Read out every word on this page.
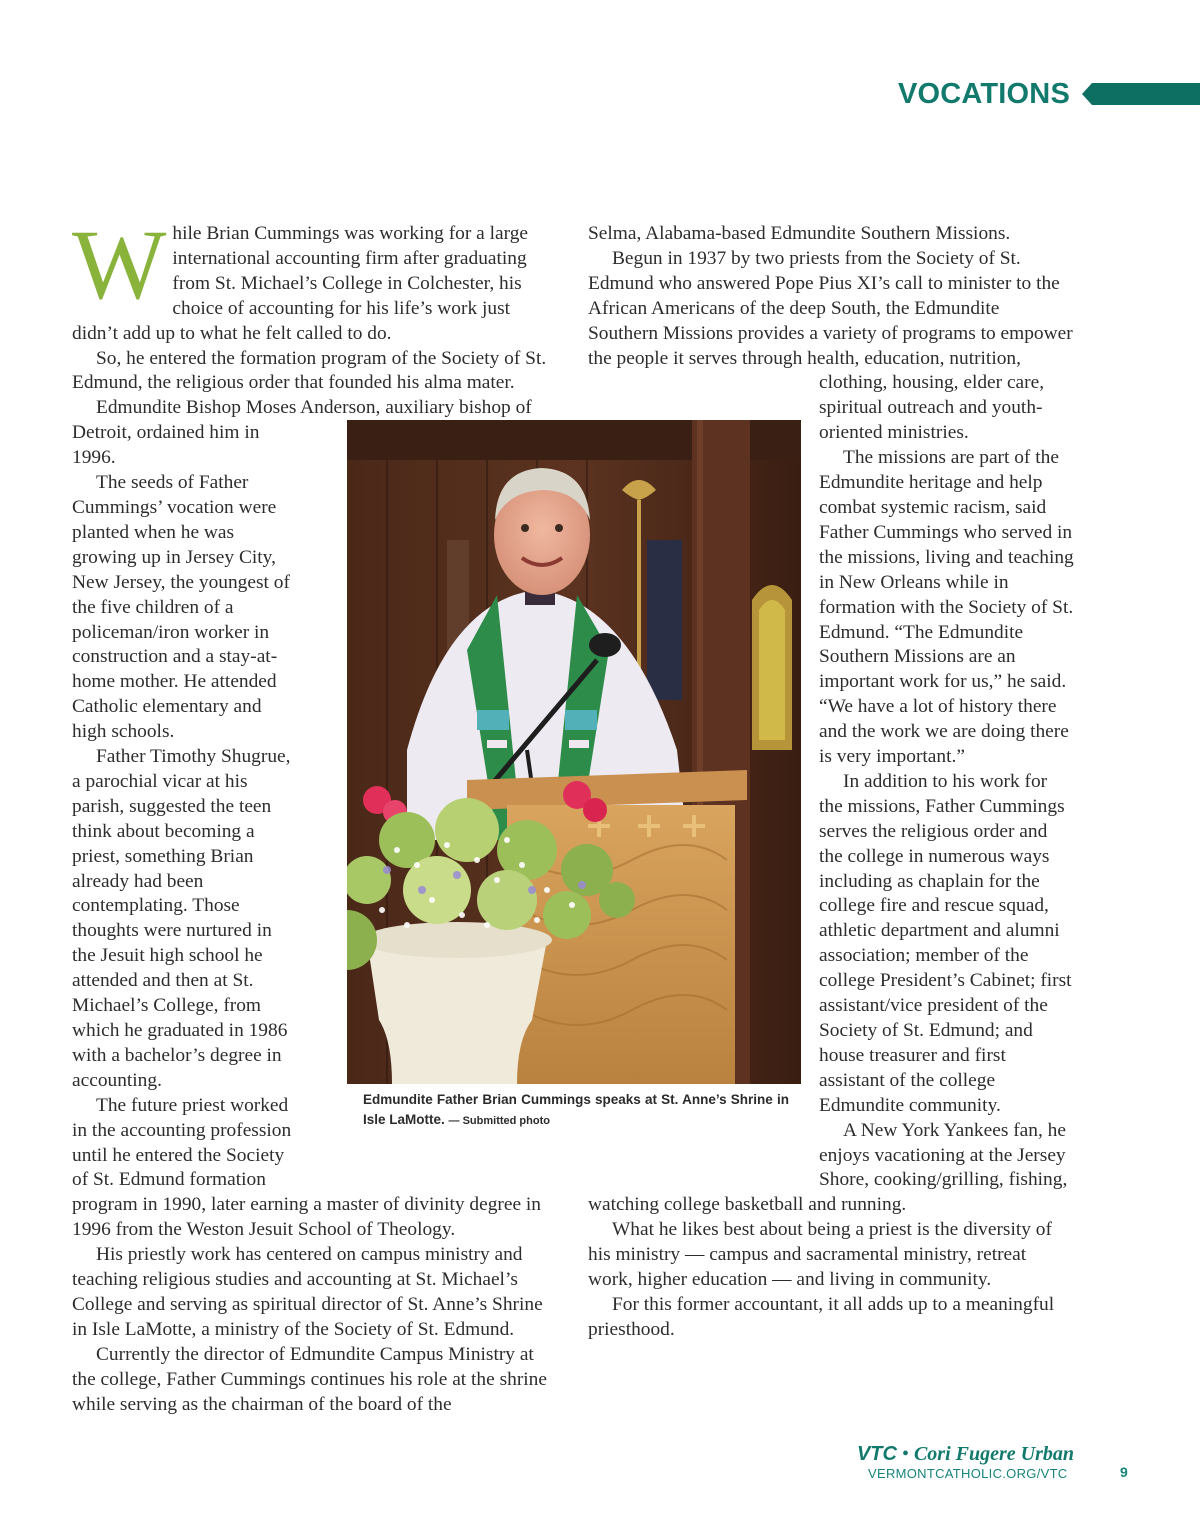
VOCATIONS

While Brian Cummings was working for a large international accounting firm after graduating from St. Michael’s College in Colchester, his choice of accounting for his life’s work just didn’t add up to what he felt called to do.

So, he entered the formation program of the Society of St. Edmund, the religious order that founded his alma mater.

Edmundite Bishop Moses Anderson, auxiliary bishop of Detroit, ordained him in 1996.

The seeds of Father Cummings’ vocation were planted when he was growing up in Jersey City, New Jersey, the youngest of the five children of a policeman/iron worker in construction and a stay-at-home mother. He attended Catholic elementary and high schools.

Father Timothy Shugrue, a parochial vicar at his parish, suggested the teen think about becoming a priest, something Brian already had been contemplating. Those thoughts were nurtured in the Jesuit high school he attended and then at St. Michael’s College, from which he graduated in 1986 with a bachelor’s degree in accounting.

The future priest worked in the accounting profession until he entered the Society of St. Edmund formation program in 1990, later earning a master of divinity degree in 1996 from the Weston Jesuit School of Theology.

His priestly work has centered on campus ministry and teaching religious studies and accounting at St. Michael’s College and serving as spiritual director of St. Anne’s Shrine in Isle LaMotte, a ministry of the Society of St. Edmund.

Currently the director of Edmundite Campus Ministry at the college, Father Cummings continues his role at the shrine while serving as the chairman of the board of the

Selma, Alabama-based Edmundite Southern Missions.

Begun in 1937 by two priests from the Society of St. Edmund who answered Pope Pius XI’s call to minister to the African Americans of the deep South, the Edmundite Southern Missions provides a variety of programs to empower the people it serves through health, education, nutrition, clothing, housing, elder care, spiritual outreach and youth-oriented ministries.

The missions are part of the Edmundite heritage and help combat systemic racism, said Father Cummings who served in the missions, living and teaching in New Orleans while in formation with the Society of St. Edmund. “The Edmundite Southern Missions are an important work for us,” he said. “We have a lot of history there and the work we are doing there is very important.”

In addition to his work for the missions, Father Cummings serves the religious order and the college in numerous ways including as chaplain for the college fire and rescue squad, athletic department and alumni association; member of the college President’s Cabinet; first assistant/vice president of the Society of St. Edmund; and house treasurer and first assistant of the college Edmundite community.

A New York Yankees fan, he enjoys vacationing at the Jersey Shore, cooking/grilling, fishing, watching college basketball and running.

What he likes best about being a priest is the diversity of his ministry — campus and sacramental ministry, retreat work, higher education — and living in community.

For this former accountant, it all adds up to a meaningful priesthood.

Edmundite Father Brian Cummings speaks at St. Anne’s Shrine in Isle LaMotte. — Submitted photo
VTC • Cori Fugere Urban
VERMONTCATHOLIC.ORG/VTC	9
